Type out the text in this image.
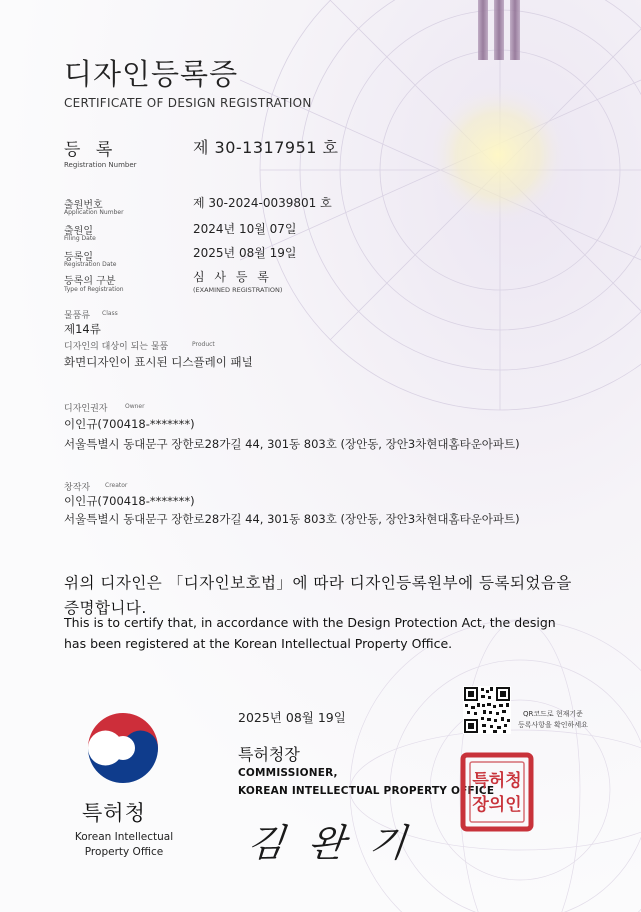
디자인등록증
CERTIFICATE OF DESIGN REGISTRATION
등 록
Registration Number
제 30-1317951 호
출원번호
Application Number
제 30-2024-0039801 호
출원일
Filing Date
2024년 10월 07일
등록일
Registration Date
2025년 08월 19일
등록의 구분
Type of Registration
심 사 등 록
(EXAMINED REGISTRATION)
물품류 Class
제14류
디자인의 대상이 되는 물품	Product
화면디자인이 표시된 디스플레이 패널
디자인권자	Owner
이인규(700418-*******)
서울특별시 동대문구 장한로28가길 44, 301동 803호 (장안동, 장안3차현대홈타운아파트)
창작자 Creator
이인규(700418-*******)
서울특별시 동대문구 장한로28가길 44, 301동 803호 (장안동, 장안3차현대홈타운아파트)
위의 디자인은 「디자인보호법」에 따라 디자인등록원부에 등록되었음을
증명합니다.
This is to certify that, in accordance with the Design Protection Act, the design
has been registered at the Korean Intellectual Property Office.
2025년 08월 19일	QR코드로 현재기준
등록사항을 확인하세요
특허청장
COMMISSIONER,
KOREAN INTELLECTUAL PROPERTY OFFICE
김 완 기
특허청
장의인
특허청
Korean Intellectual Property Office
